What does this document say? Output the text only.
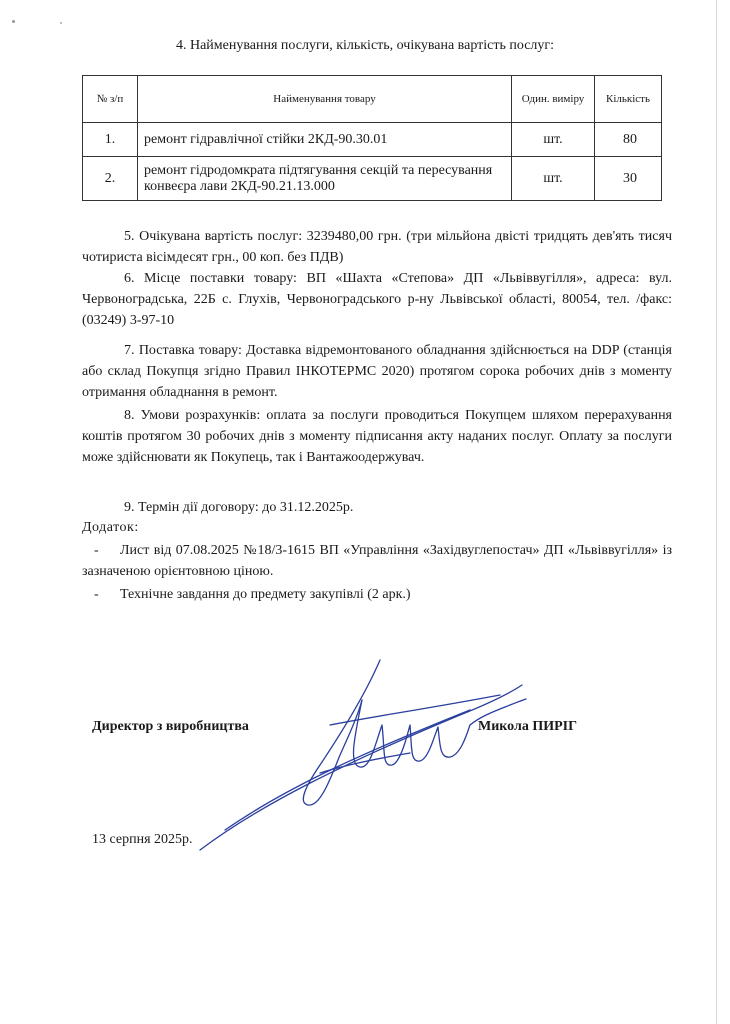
4. Найменування послуги, кількість, очікувана вартість послуг:
№ з/п	Найменування товару	Один. виміру	Кількість
1.	ремонт гідравлічної стійки 2КД-90.30.01	шт.	80
2.	ремонт гідродомкрата підтягування секцій та пересування конвеєра лави 2КД-90.21.13.000	шт.	30
5. Очікувана вартість послуг: 3239480,00 грн. (три мільйона двісті тридцять дев'ять тисяч чотириста вісімдесят грн., 00 коп. без ПДВ)
6. Місце поставки товару: ВП «Шахта «Степова» ДП «Львіввугілля», адреса: вул. Червоноградська, 22Б с. Глухів, Червоноградського р-ну Львівської області, 80054, тел. /факс: (03249) 3-97-10
7. Поставка товару: Доставка відремонтованого обладнання здійснюється на DDP (станція або склад Покупця згідно Правил ІНКОТЕРМС 2020) протягом сорока робочих днів з моменту отримання обладнання в ремонт.
8. Умови розрахунків: оплата за послуги проводиться Покупцем шляхом перерахування коштів протягом 30 робочих днів з моменту підписання акту наданих послуг. Оплату за послуги може здійснювати як Покупець, так і Вантажоодержувач.
9. Термін дії договору: до 31.12.2025р.
Додаток:
- Лист від 07.08.2025 №18/3-1615 ВП «Управління «Західвуглепостач» ДП «Львіввугілля» із зазначеною орієнтовною ціною.
- Технічне завдання до предмету закупівлі (2 арк.)
Директор з виробництва	Микола ПИРІГ
13 серпня 2025р.
